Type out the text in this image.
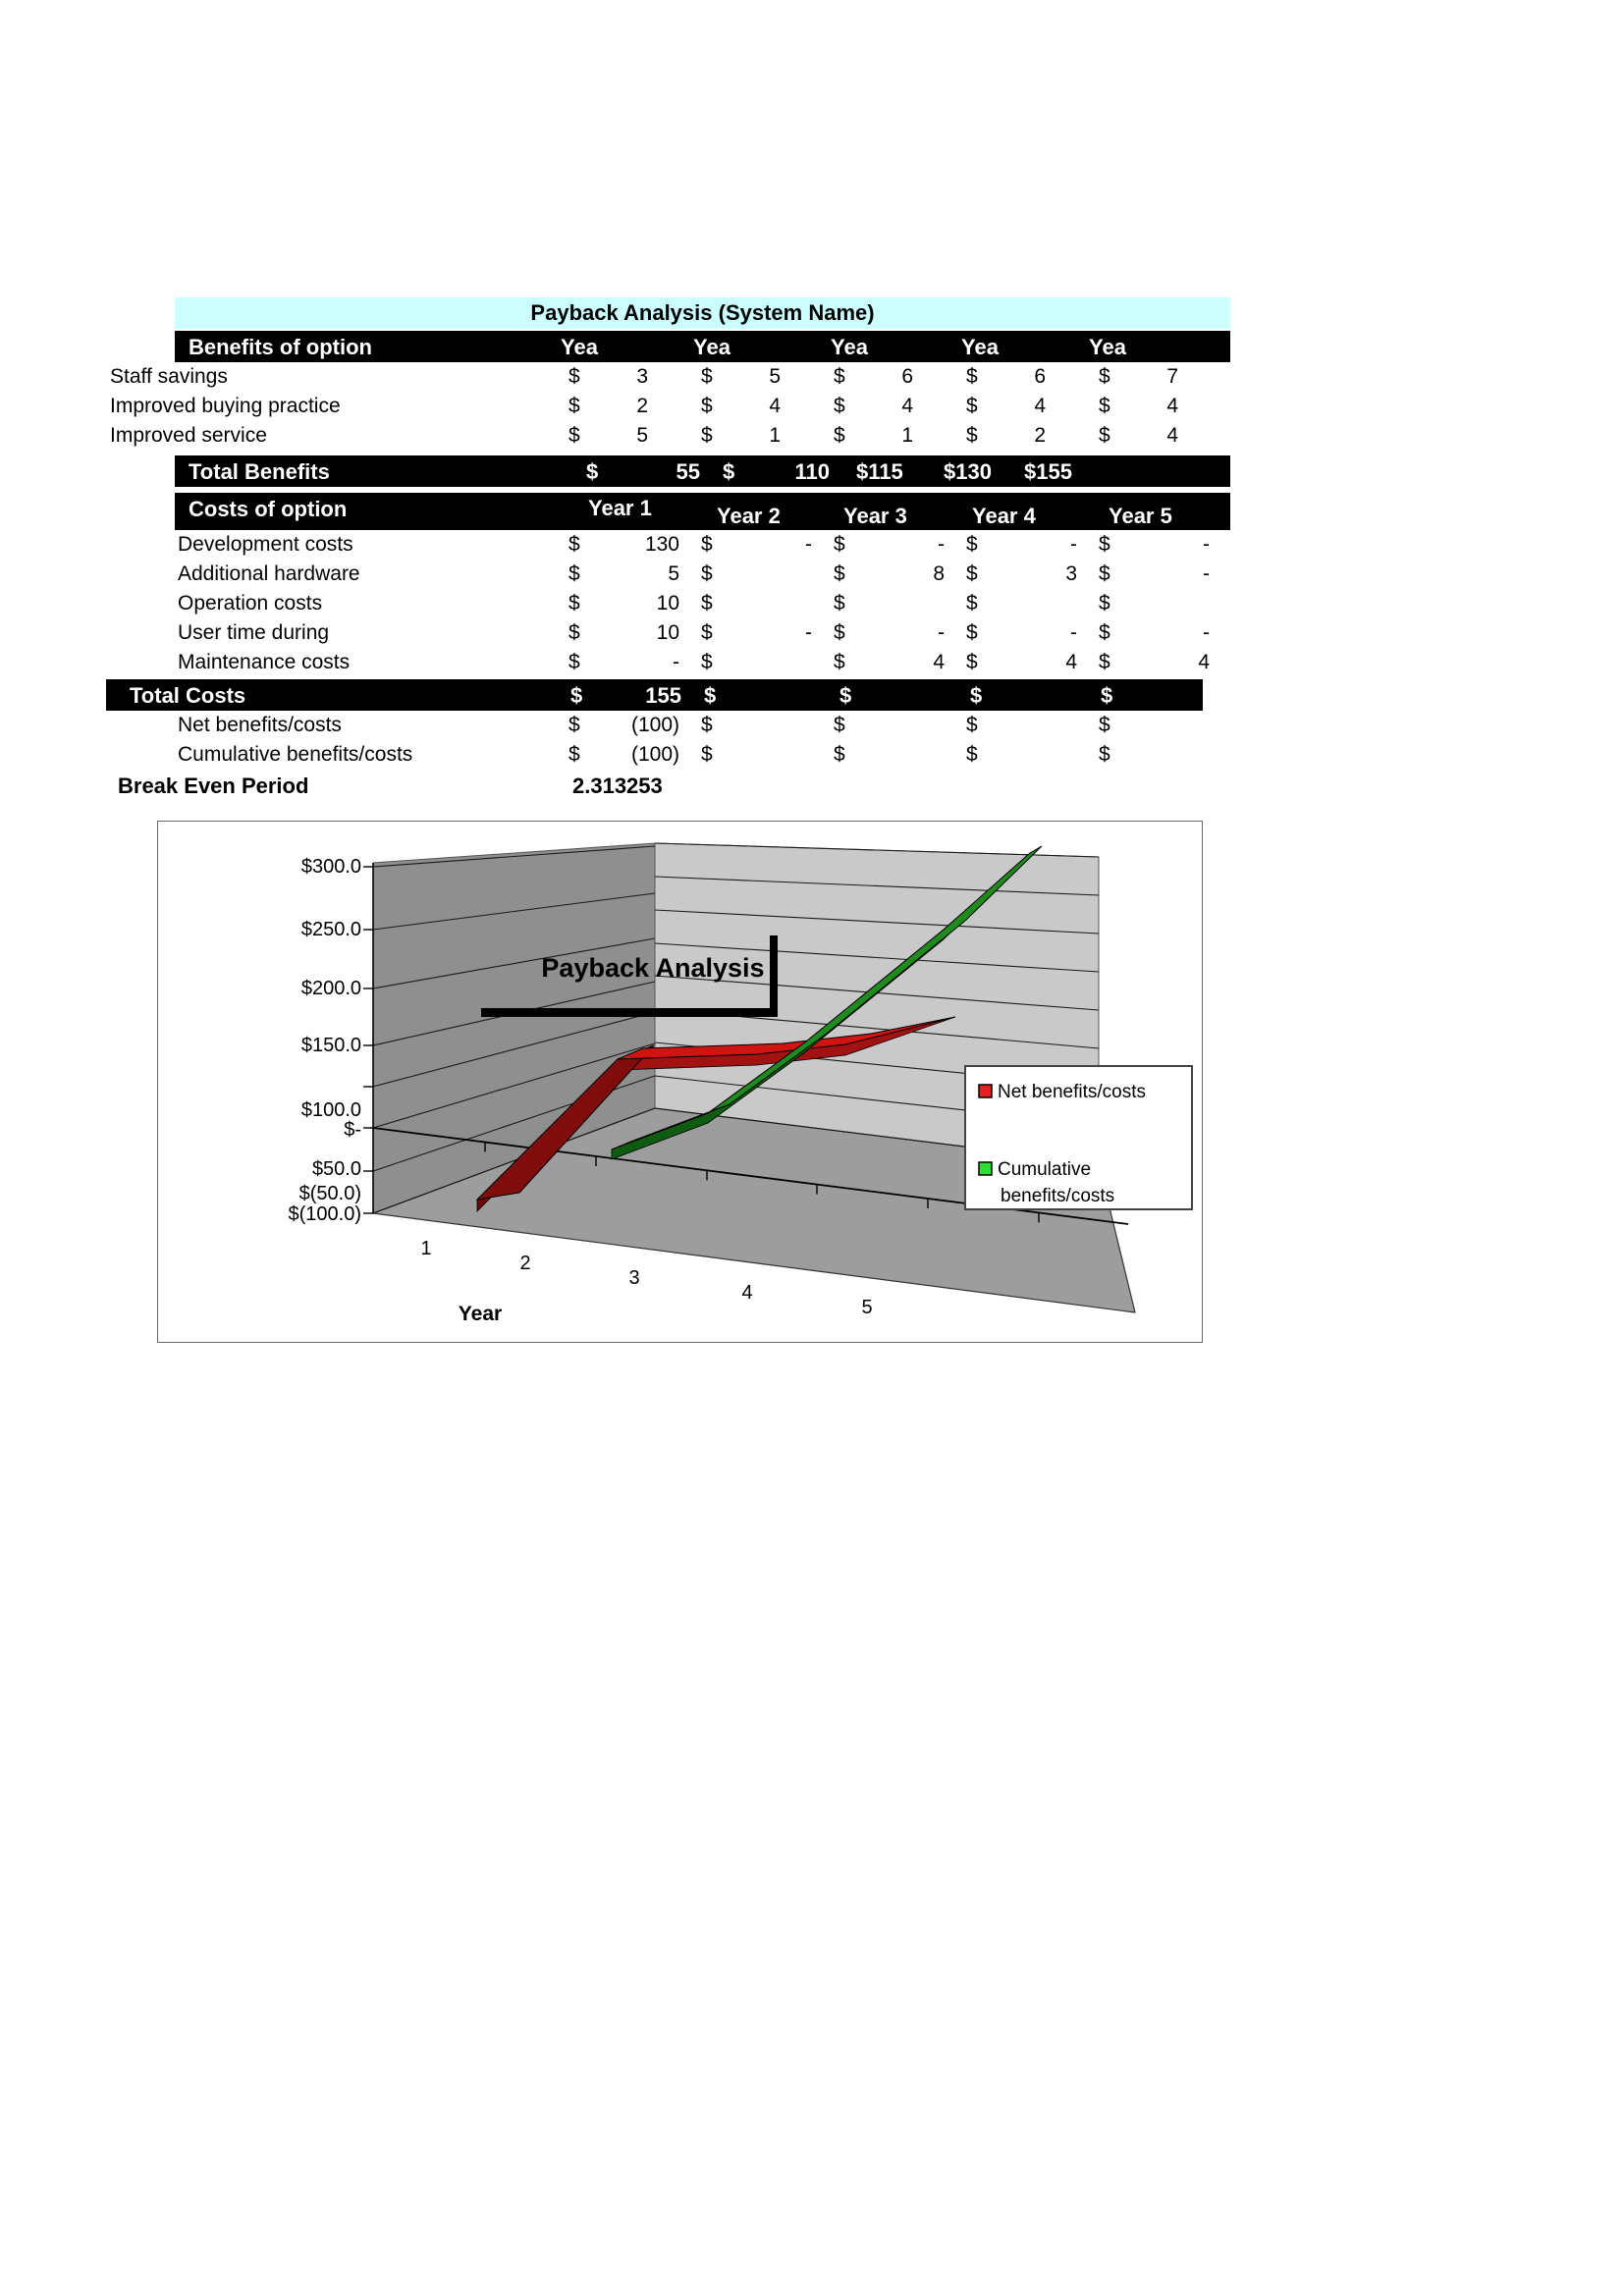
Payback Analysis (System Name)
Benefits of option	Yea	Yea	Yea	Yea	Yea
Staff savings	$	3	$	5	$	6	$	6	$	7
Improved buying practice	$	2	$	4	$	4	$	4	$	4
Improved service	$	5	$	1	$	1	$	2	$	4
Total Benefits	$	55 $	110 $115 $130 $155
Costs of option	Year 1	Year 2	Year 3	Year 4	Year 5
Development costs	$	130	$	-	$	-	$	-	$	-
Additional hardware	$	5	$	$	8	$	3	$	-
Operation costs	$	10	$	$	$	$
User time during	$	10	$	-	$	-	$	-	$	-
Maintenance costs	$	-	$	$	4	$	4	$	4
Total Costs	$	155 $	$	$	$
Net benefits/costs	$	(100)	$	$	$	$
Cumulative benefits/costs	$	(100)	$	$	$	$
Break Even Period	2.313253
$300.0
$250.0
$200.0
$150.0
$100.0
$-
$50.0
$(50.0)
$(100.0)
1
2
3
4
5
Year
Payback Analysis
Net benefits/costs
Cumulative
benefits/costs
